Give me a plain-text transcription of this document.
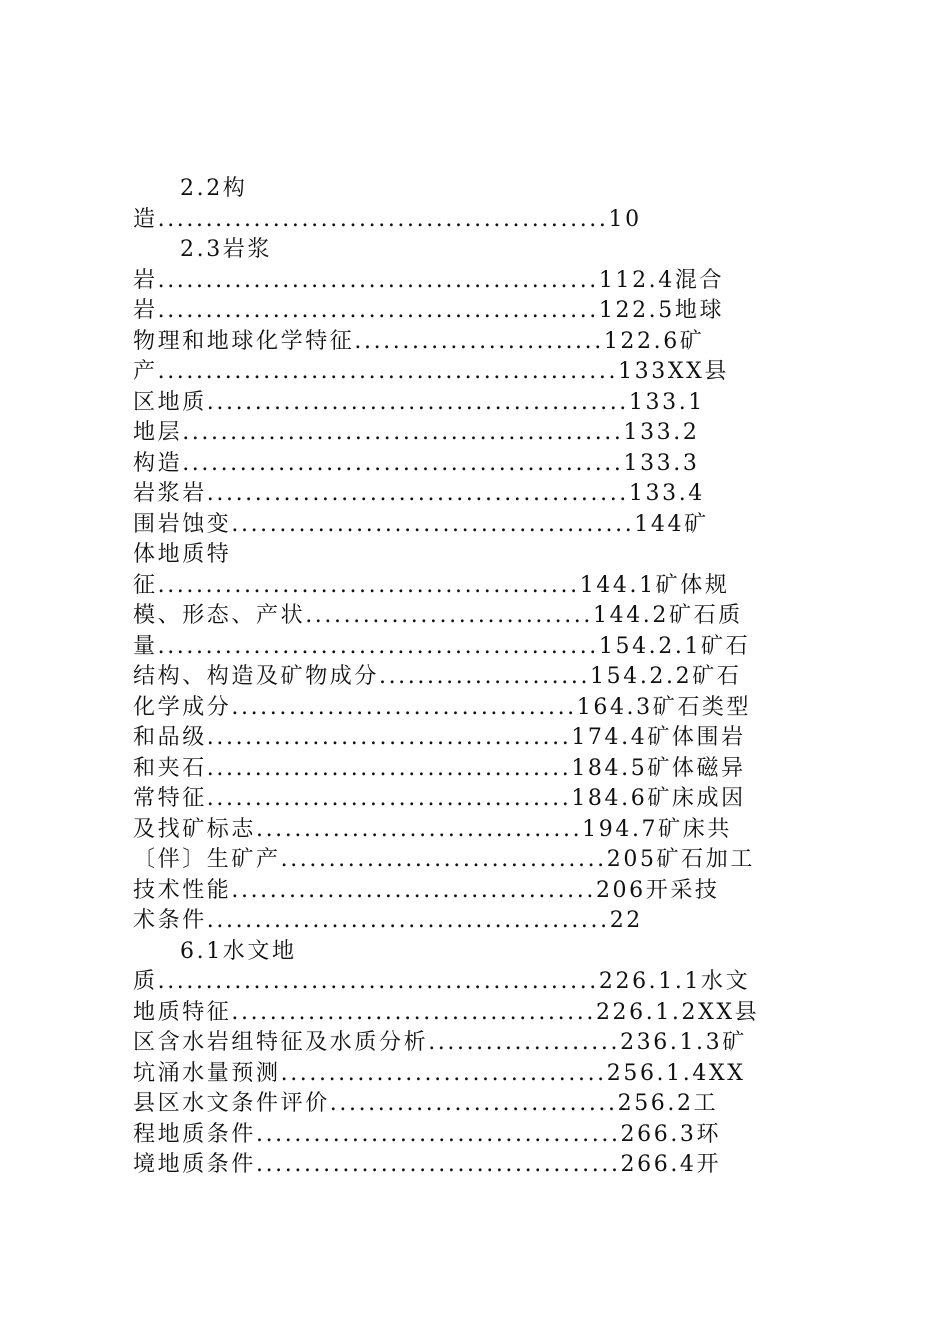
2.2构
造...............................................10
2.3岩浆
岩..............................................112.4混合
岩..............................................122.5地球
物理和地球化学特征..........................122.6矿
产................................................133XX县
区地质............................................133.1
地层..............................................133.2
构造..............................................133.3
岩浆岩............................................133.4
围岩蚀变..........................................144矿
体地质特
征............................................144.1矿体规
模、形态、产状..............................144.2矿石质
量..............................................154.2.1矿石
结构、构造及矿物成分......................154.2.2矿石
化学成分....................................164.3矿石类型
和品级......................................174.4矿体围岩
和夹石......................................184.5矿体磁异
常特征......................................184.6矿床成因
及找矿标志..................................194.7矿床共
〔伴〕生矿产..................................205矿石加工
技术性能......................................206开采技
术条件..........................................22
6.1水文地
质..............................................226.1.1水文
地质特征......................................226.1.2XX县
区含水岩组特征及水质分析....................236.1.3矿
坑涌水量预测..................................256.1.4XX
县区水文条件评价..............................256.2工
程地质条件......................................266.3环
境地质条件......................................266.4开
